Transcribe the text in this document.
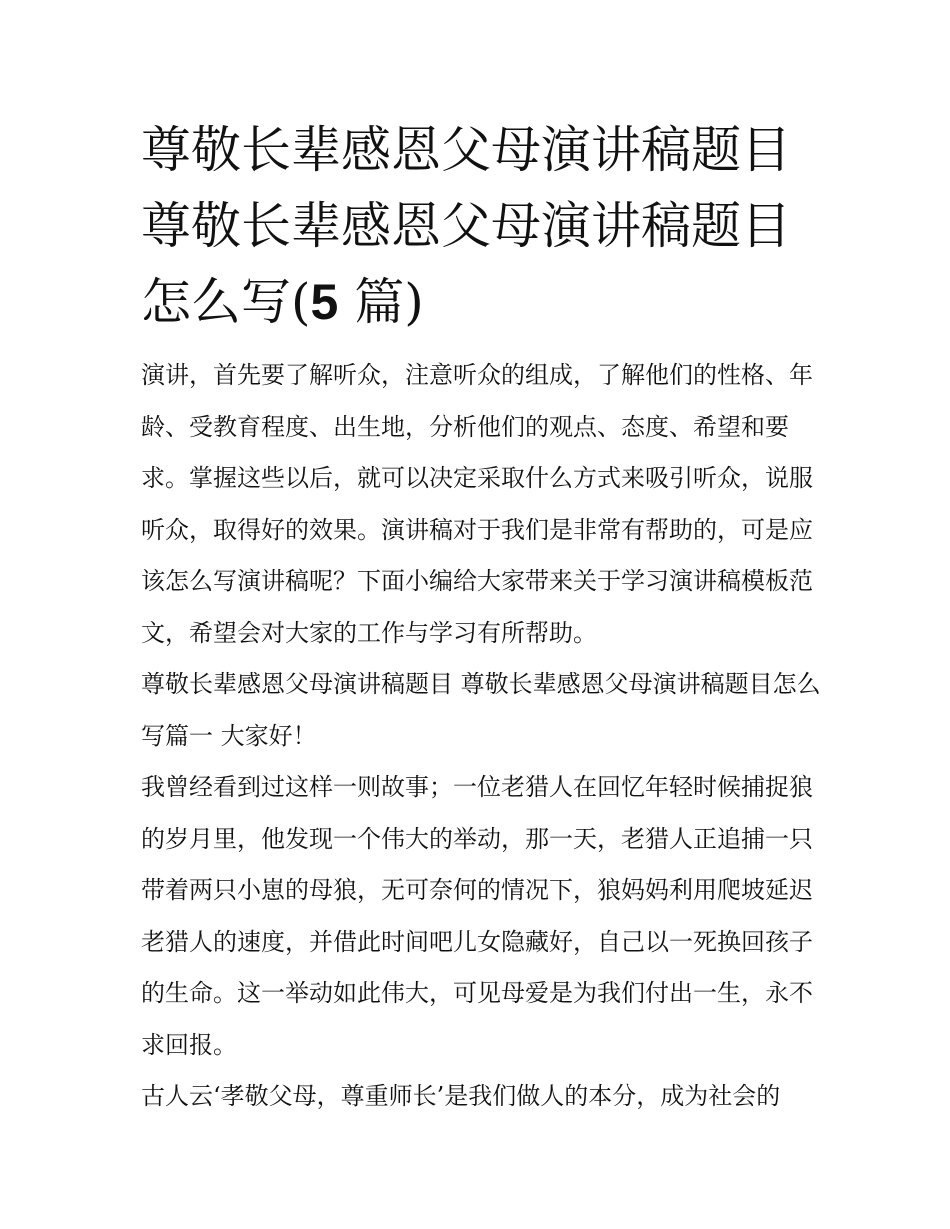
尊敬长辈感恩父母演讲稿题目 尊敬长辈感恩父母演讲稿题目怎么写(5 篇)

演讲，首先要了解听众，注意听众的组成，了解他们的性格、年龄、受教育程度、出生地，分析他们的观点、态度、希望和要求。掌握这些以后，就可以决定采取什么方式来吸引听众，说服听众，取得好的效果。演讲稿对于我们是非常有帮助的，可是应该怎么写演讲稿呢？下面小编给大家带来关于学习演讲稿模板范文，希望会对大家的工作与学习有所帮助。

尊敬长辈感恩父母演讲稿题目 尊敬长辈感恩父母演讲稿题目怎么写篇一 大家好！

我曾经看到过这样一则故事；一位老猎人在回忆年轻时候捕捉狼的岁月里，他发现一个伟大的举动，那一天，老猎人正追捕一只带着两只小崽的母狼，无可奈何的情况下，狼妈妈利用爬坡延迟老猎人的速度，并借此时间吧儿女隐藏好，自己以一死换回孩子的生命。这一举动如此伟大，可见母爱是为我们付出一生，永不求回报。

古人云‘孝敬父母，尊重师长’是我们做人的本分，成为社会的
